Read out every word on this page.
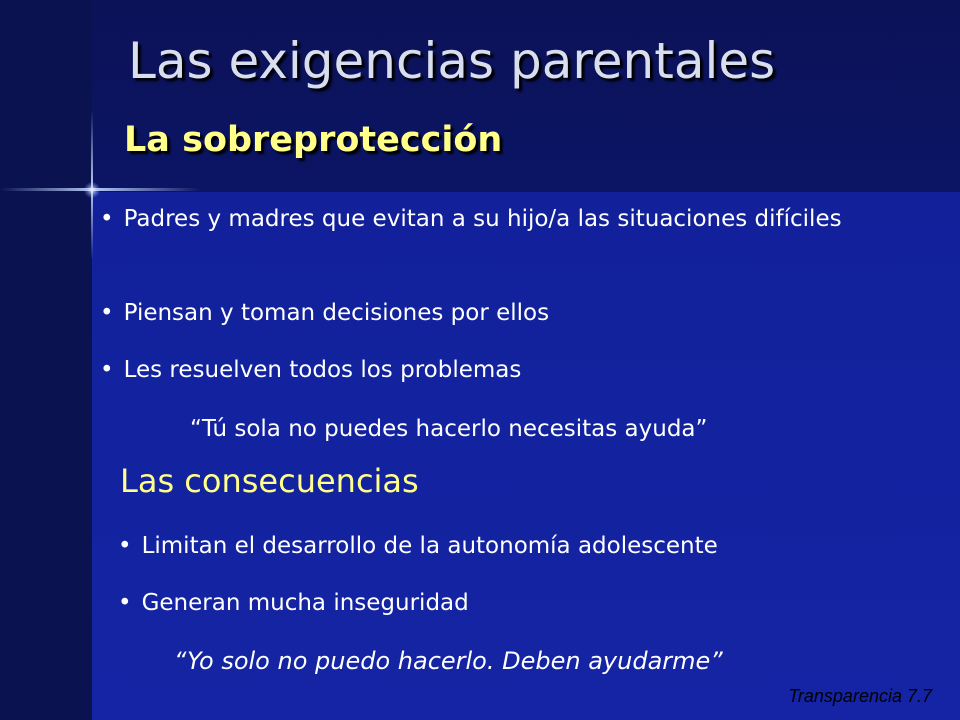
Las exigencias parentales
La sobreprotección

• Padres y madres que evitan a su hijo/a las situaciones difíciles

• Piensan y toman decisiones por ellos

• Les resuelven todos los problemas

“Tú sola no puedes hacerlo necesitas ayuda”

Las consecuencias

• Limitan el desarrollo de la autonomía adolescente

• Generan mucha inseguridad

“Yo solo no puedo hacerlo. Deben ayudarme”

Transparencia 7.7
